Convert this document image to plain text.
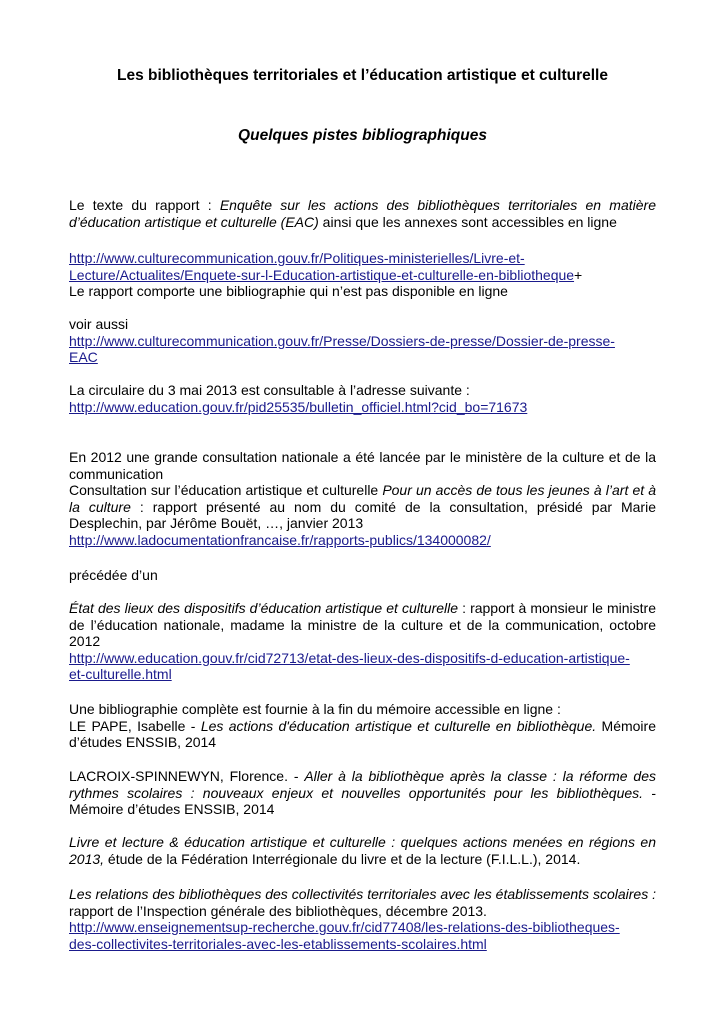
Les bibliothèques territoriales et l’éducation artistique et culturelle
Quelques pistes bibliographiques
Le texte du rapport : Enquête sur les actions des bibliothèques territoriales en matière d’éducation artistique et culturelle (EAC) ainsi que les annexes sont accessibles en ligne
http://www.culturecommunication.gouv.fr/Politiques-ministerielles/Livre-et-
Lecture/Actualites/Enquete-sur-l-Education-artistique-et-culturelle-en-bibliotheque+
Le rapport comporte une bibliographie qui n’est pas disponible en ligne
voir aussi
http://www.culturecommunication.gouv.fr/Presse/Dossiers-de-presse/Dossier-de-presse-
EAC
La circulaire du 3 mai 2013 est consultable à l’adresse suivante :
http://www.education.gouv.fr/pid25535/bulletin_officiel.html?cid_bo=71673
En 2012 une grande consultation nationale a été lancée par le ministère de la culture et de la communication
Consultation sur l’éducation artistique et culturelle Pour un accès de tous les jeunes à l’art et à la culture : rapport présenté au nom du comité de la consultation, présidé par Marie Desplechin, par Jérôme Bouët, …, janvier 2013
http://www.ladocumentationfrancaise.fr/rapports-publics/134000082/
précédée d’un
État des lieux des dispositifs d’éducation artistique et culturelle : rapport à monsieur le ministre de l’éducation nationale, madame la ministre de la culture et de la communication, octobre 2012
http://www.education.gouv.fr/cid72713/etat-des-lieux-des-dispositifs-d-education-artistique-
et-culturelle.html
Une bibliographie complète est fournie à la fin du mémoire accessible en ligne :
LE PAPE, Isabelle - Les actions d'éducation artistique et culturelle en bibliothèque. Mémoire d’études ENSSIB, 2014
LACROIX-SPINNEWYN, Florence. - Aller à la bibliothèque après la classe : la réforme des rythmes scolaires : nouveaux enjeux et nouvelles opportunités pour les bibliothèques. - Mémoire d’études ENSSIB, 2014
Livre et lecture & éducation artistique et culturelle : quelques actions menées en régions en 2013, étude de la Fédération Interrégionale du livre et de la lecture (F.I.L.L.), 2014.
Les relations des bibliothèques des collectivités territoriales avec les établissements scolaires : rapport de l’Inspection générale des bibliothèques, décembre 2013.
http://www.enseignementsup-recherche.gouv.fr/cid77408/les-relations-des-bibliotheques-
des-collectivites-territoriales-avec-les-etablissements-scolaires.html
